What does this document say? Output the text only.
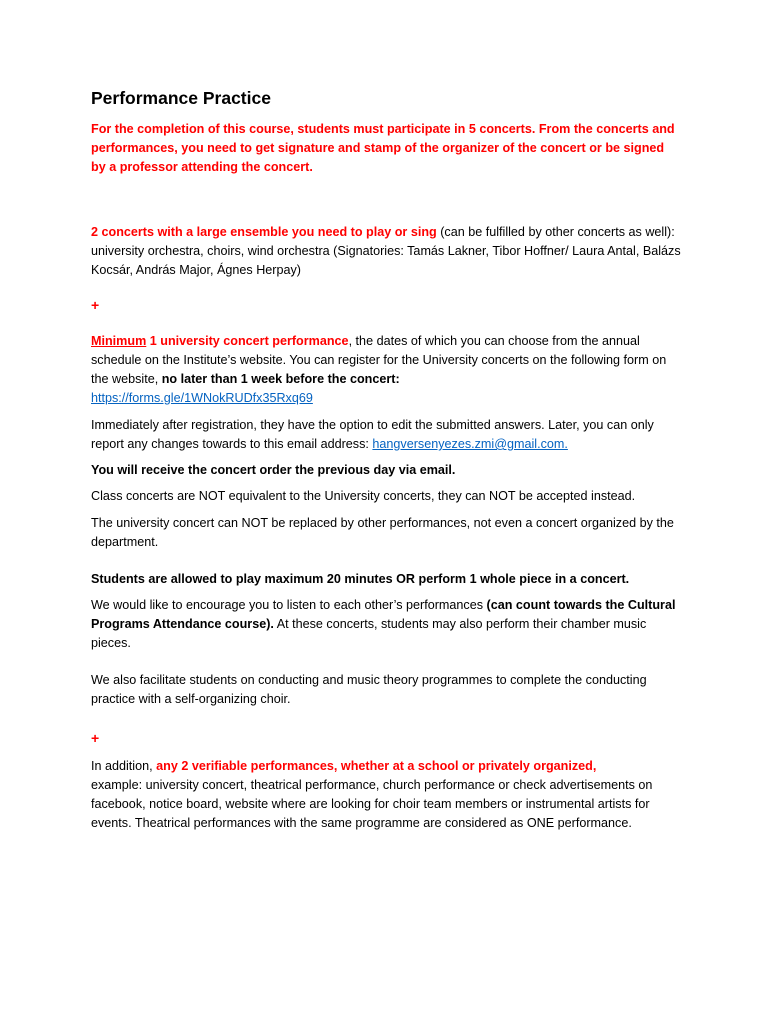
Performance Practice

For the completion of this course, students must participate in 5 concerts. From the concerts and performances, you need to get signature and stamp of the organizer of the concert or be signed by a professor attending the concert.

2 concerts with a large ensemble you need to play or sing (can be fulfilled by other concerts as well): university orchestra, choirs, wind orchestra (Signatories: Tamás Lakner, Tibor Hoffner/ Laura Antal, Balázs Kocsár, András Major, Ágnes Herpay)

+

Minimum 1 university concert performance, the dates of which you can choose from the annual schedule on the Institute’s website. You can register for the University concerts on the following form on the website, no later than 1 week before the concert:
https://forms.gle/1WNokRUDfx35Rxq69

Immediately after registration, they have the option to edit the submitted answers. Later, you can only report any changes towards to this email address: hangversenyezes.zmi@gmail.com.

You will receive the concert order the previous day via email.

Class concerts are NOT equivalent to the University concerts, they can NOT be accepted instead.

The university concert can NOT be replaced by other performances, not even a concert organized by the department.

Students are allowed to play maximum 20 minutes OR perform 1 whole piece in a concert.

We would like to encourage you to listen to each other’s performances (can count towards the Cultural Programs Attendance course). At these concerts, students may also perform their chamber music pieces.

We also facilitate students on conducting and music theory programmes to complete the conducting practice with a self-organizing choir.

+

In addition, any 2 verifiable performances, whether at a school or privately organized,
example: university concert, theatrical performance, church performance or check advertisements on facebook, notice board, website where are looking for choir team members or instrumental artists for events. Theatrical performances with the same programme are considered as ONE performance.
